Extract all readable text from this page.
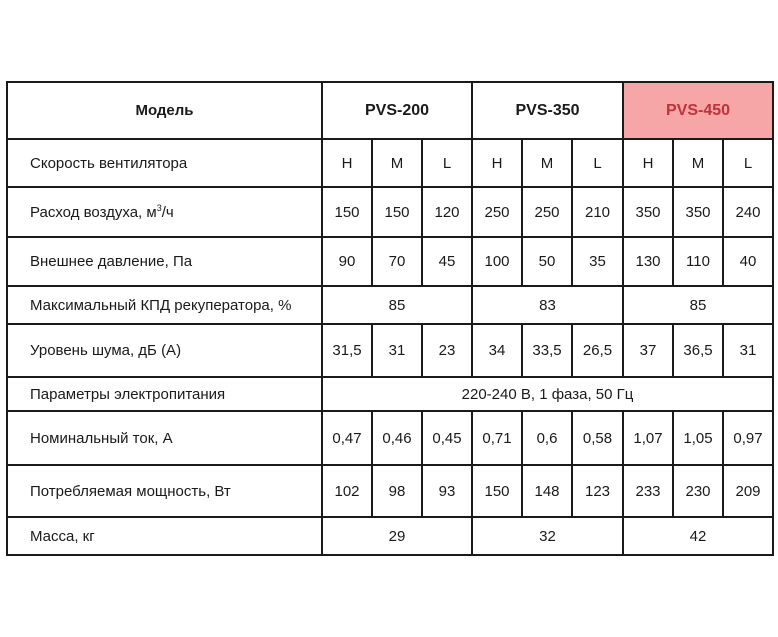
Модель	PVS-200			PVS-350			PVS-450		
Скорость вентилятора	H	M	L	H	M	L	H	M	L
Расход воздуха, $м^3/ч$	150	150	120	250	250	210	350	350	240
Внешнее давление, Па	90	70	45	100	50	35	130	110	40
Максимальный КПД рекуператора, %	85			83			85		
Уровень шума, дБ (A)	31,5	31	23	34	33,5	26,5	37	36,5	31
Параметры электропитания	220-240 В, 1 фаза, 50 Гц								
Номинальный ток, А	0,47	0,46	0,45	0,71	0,6	0,58	1,07	1,05	0,97
Потребляемая мощность, Вт	102	98	93	150	148	123	233	230	209
Масса, кг	29			32			42		
